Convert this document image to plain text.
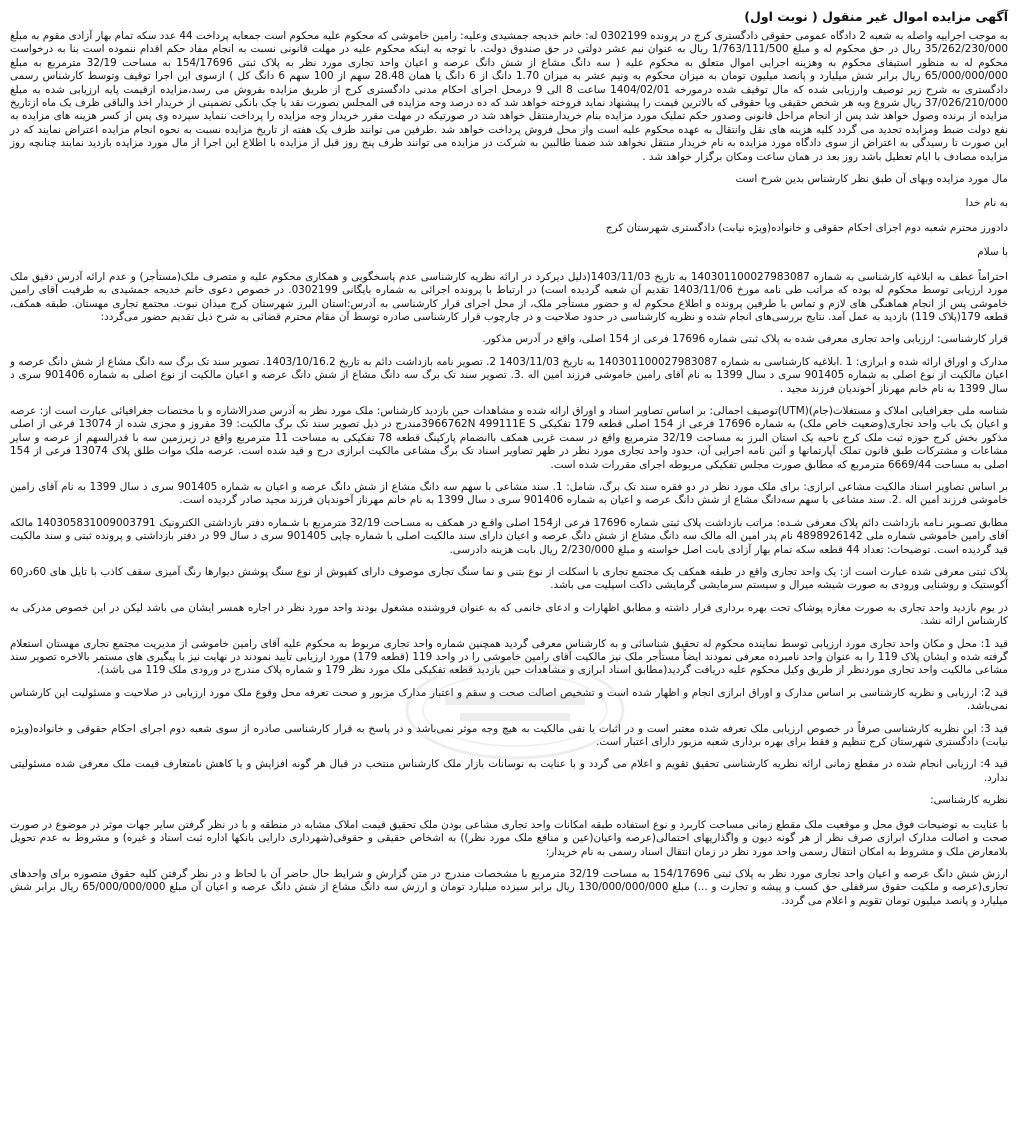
آگهی مزایده اموال غیر منقول ( نوبت اول)
به موجب اجراییه واصله به شعبه 2 دادگاه عمومی حقوقی دادگستری کرج در پرونده 0302199 له: خانم خدیجه جمشیدی وعلیه: رامین خاموشی که محکوم علیه محکوم است جمعابه پرداخت 44 عدد سکه تمام بهار آزادی مقوم به مبلغ 35/262/230/000 ریال در حق محکوم له و مبلغ 1/763/111/500 ریال به عنوان نیم عشر دولتی در حق صندوق دولت. با توجه به اینکه محکوم علیه در مهلت قانونی نسبت به انجام مفاد حکم اقدام ننموده است بنا به درخواست محکوم له به منظور استیفای محکوم به وهزینه اجرایی اموال متعلق به محکوم علیه ( سه دانگ مشاع از شش دانگ عرصه و اعیان واحد تجاری مورد نظر به پلاک ثبتی 154/17696 به مساحت 32/19 مترمربع به مبلغ 65/000/000/000 ریال برابر شش میلیارد و پانصد میلیون تومان به میزان محکوم به ونیم عشر به میزان 1.70 دانگ از 6 دانگ یا همان 28.48 سهم از 100 سهم 6 دانگ کل ) ازسوی این اجرا توقیف وتوسط کارشناس رسمی دادگستری به شرح زیر توصیف وارزیابی شده که مال توقیف شده درمورخه 1404/02/01 ساعت 8 الی 9 درمحل اجرای احکام مدنی دادگستری کرج از طریق مزایده بفروش می رسد،مزایده ازقیمت پایه ارزیابی شده به مبلغ 37/026/210/000 ریال شروع وبه هر شخص حقیقی ویا حقوقی که بالاترین قیمت را پیشنهاد نماید فروخته خواهد شد که ده درصد وجه مزایده فی المجلس بصورت نقد یا چک بانکی تضمینی از خریدار اخذ والباقی ظرف یک ماه ازتاریخ مزایده از برنده وصول خواهد شد پس از انجام مراحل قانونی وصدور حکم تملیک مورد مزایده بنام خریدارمنتقل خواهد شد در صورتیکه در مهلت مقرر خریدار وجه مزایده را پرداخت ننماید سپرده وی پس از کسر هزینه های مزایده به نفع دولت ضبط ومزایده تجدید می گردد کلیه هزینه های نقل وانتقال به عهده محکوم علیه است واز محل فروش پرداخت خواهد شد .طرفین می توانند ظرف یک هفته از تاریخ مزایده نسبت به نحوه انجام مزایده اعتراض نمایند که در این صورت تا رسیدگی به اعتراض از سوی دادگاه مورد مزایده به نام خریدار منتقل نخواهد شد ضمنا طالبین به شرکت در مزایده می توانند ظرف پنج روز قبل از مزایده با اطلاع این اجرا از مال مورد مزایده بازدید نمایند چنانچه روز مزایده مصادف با ایام تعطیل باشد روز بعد در همان ساعت ومکان برگزار خواهد شد .
مال مورد مزایده وبهای آن طبق نظر کارشناس بدین شرح است
به نام خدا
دادورز محترم شعبه دوم اجرای احکام حقوقی و خانواده(ویژه نیابت) دادگستری شهرستان کرج
با سلام
احتراماً عطف به ابلاغیه کارشناسی به شماره 140301100027983087 به تاریخ 1403/11/03(دلیل دیرکرد در ارائه نظریه کارشناسی عدم پاسخگویی و همکاری محکوم علیه و متصرف ملک(مستأجر) و عدم ارائه آدرس دقیق ملک مورد ارزیابی توسط محکوم له بوده که مراتب طی نامه مورخ 1403/11/06 تقدیم آن شعبه گردیده است) در ارتباط با پرونده اجرائی به شماره بایگانی 0302199. در خصوص دعوی خانم خدیجه جمشیدی به طرفیت آقای رامین خاموشی پس از انجام هماهنگی های لازم و تماس با طرفین پرونده و اطلاع محکوم له و حضور مستأجر ملک، از محل اجرای قرار کارشناسی به آدرس:استان البرز شهرستان کرج میدان نبوت. مجتمع تجاری مهستان. طبقه همکف، قطعه 179(پلاک 119) بازدید به عمل آمد. نتایج بررسی‌های انجام شده و نظریه کارشناسی در حدود صلاحیت و در چارچوب قرار کارشناسی صادره توسط آن مقام محترم قضائی به شرح ذیل تقدیم حضور می‌گردد:
قرار کارشناسی: ارزیابی واحد تجاری معرفی شده به پلاک ثبتی شماره 17696 فرعی از 154 اصلی، واقع در آدرس مذکور.
مدارک و اوراق ارائه شده و ابرازی: 1 .ابلاغیه کارشناسی به شماره 140301100027983087 به تاریخ 1403/11/03 2. تصویر نامه بازداشت دائم به تاریخ 1403/10/16.2. تصویر سند تک برگ سه دانگ مشاع از شش دانگ عرصه و اعیان مالکیت از نوع اصلی به شماره 901405 سری د سال 1399 به نام آقای رامین خاموشی فرزند امین اله .3. تصویر سند تک برگ سه دانگ مشاع از شش دانگ عرصه و اعیان مالکیت از نوع اصلی به شماره 901406 سری د سال 1399 به نام خانم مهرناز آخوندیان فرزند مجید .
شناسه ملی جغرافیایی املاک و مستغلات(جام)(UTM)توصیف اجمالی: بر اساس تصاویر اسناد و اوراق ارائه شده و مشاهدات حین بازدید کارشناس: ملک مورد نظر به آدرس صدرالاشاره و با مختصات جغرافیائی عبارت است از: عرصه و اعیان یک باب واحد تجاری(وضعیت خاص ملک) به شماره 17696 فرعی از 154 اصلی قطعه 179 تفکیکی 3966762N 499111E Sمندرج در ذیل تصویر سند تک برگ مالکیت: 39 مفروز و مجزی شده از 13074 فرعی از اصلی مذکور بخش کرج حوزه ثبت ملک کرج ناحیه یک استان البرز به مساحت 32/19 مترمربع واقع در سمت غربی همکف باانضمام پارکینگ قطعه 78 تفکیکی به مساحت 11 مترمربع واقع در زیرزمین سه با قدرالسهم از عرصه و سایر مشاعات و مشترکات طبق قانون تملک آپارتمانها و آئین نامه اجرایی آن، حدود واحد تجاری مورد نظر در ظهر تصاویر اسناد تک برگ مشاعی مالکیت ابرازی درج و قید شده است. عرصه ملک موات طلق پلاک 13074 فرعی از 154 اصلی به مساحت 6669/44 مترمربع که مطابق صورت مجلس تفکیکی مربوطه اجرای مقررات شده است.
بر اساس تصاویر اسناد مالکیت مشاعی ابرازی: برای ملک مورد نظر در دو فقره سند تک برگ، شامل: 1. سند مشاعی با سهم سه دانگ مشاع از شش دانگ عرصه و اعیان به شماره 901405 سری د سال 1399 به نام آقای رامین خاموشی فرزند امین اله .2. سند مشاعی با سهم سه‌دانگ مشاع از شش دانگ عرصه و اعیان به شماره 901406 سری د سال 1399 به نام خانم مهرناز آخوندیان فرزند مجید صادر گردیده است.
مطابق تصـویر نـامه بازداشت دائم پلاک معرفی شـده: مراتب بازداشت پلاک ثبتی شماره 17696 فرعی از154 اصلی واقـع در همکف به مسـاحت 32/19 مترمربع با شـماره دفتر بازداشتی الکترونیک 140305831009003791 مالکه آقای رامین خاموشی شماره ملی 4898926142 نام پدر امین اله مالک سه دانگ مشاع از شش دانگ عرصه و اعیان دارای سند مالکیت اصلی با شماره چاپی 901405 سری د سال 99 در دفتر بازداشتی و پرونده ثبتی و سند مالکیت قید گردیده است. توضیحات: تعداد 44 قطعه سکه تمام بهار آزادی بابت اصل خواسته و مبلغ 2/230/000 ریال بابت هزینه دادرسی.
پلاک ثبتی معرفی شده عبارت است از: یک واحد تجاری واقع در طبقه همکف یک مجتمع تجاری با اسکلت از نوع بتنی و نما سنگ تجاری موصوف دارای کفپوش از نوع سنگ پوشش دیوارها رنگ آمیزی سقف کاذب با تایل های 60در60 آکوستیک و روشنایی ورودی به صورت شیشه میرال و سیستم سرمایشی گرمایشی داکت اسپلیت می باشد.
در یوم بازدید واحد تجاری به صورت مغازه پوشاک تحت بهره برداری قرار داشته و مطابق اظهارات و ادعای خانمی که به عنوان فروشنده مشغول بودند واحد مورد نظر در اجاره همسر ایشان می باشد لیکن در این خصوص مدرکی به کارشناس ارائه نشد.
قید 1: محل و مکان واحد تجاری مورد ارزیابی توسط نماینده محکوم له تحقیق شناسائی و به کارشناس معرفی گردید همچنین شماره واحد تجاری مربوط به محکوم علیه آقای رامین خاموشی از مدیریت مجتمع تجاری مهستان استعلام گرفته شده و ایشان پلاک 119 را به عنوان واحد نامبرده معرفی نمودند ایضاً مستأجر ملک نیز مالکیت آقای رامین خاموشی را در واحد 119 (قطعه 179) مورد ارزیابی تأیید نمودند در نهایت نیز با پیگیری های مستمر بالاخره تصویر سند مشاعی مالکیت واحد تجاری موردنظر از طریق وکیل محکوم علیه دریافت گردید(مطابق اسناد ابرازی و مشاهدات حین بازدید قطعه تفکیکی ملک مورد نظر 179 و شماره پلاک مندرج در ورودی ملک 119 می باشد).
قید 2: ارزیابی و نظریه کارشناسی بر اساس مدارک و اوراق ابرازی انجام و اظهار شده است و تشخیص اصالت صحت و سقم و اعتبار مدارک مزبور و صحت تعرفه محل وقوع ملک مورد ارزیابی در صلاحیت و مسئولیت این کارشناس نمی‌باشد.
قید 3: این نظریه کارشناسی صرفاً در خصوص ارزیابی ملک تعرفه شده معتبر است و در اثبات یا نفی مالکیت به هیچ وجه موثر نمی‌باشد و در پاسخ به قرار کارشناسی صادره از سوی شعبه دوم اجرای احکام حقوقی و خانواده(ویژه نیابت) دادگستری شهرستان کرج تنظیم و فقط برای بهره برداری شعبه مزبور دارای اعتبار است.
قید 4: ارزیابی انجام شده در مقطع زمانی ارائه نظریه کارشناسی تحقیق تقویم و اعلام می گردد و با عنایت به نوسانات بازار ملک کارشناس منتخب در قبال هر گونه افزایش و یا کاهش نامتعارف قیمت ملک معرفی شده مسئولیتی ندارد.
نظریه کارشناسی:
با عنایت به توضیحات فوق محل و موقعیت ملک مقطع زمانی مساحت کاربرد و نوع استفاده طبقه امکانات واحد تجاری مشاعی بودن ملک تحقیق قیمت املاک مشابه در منطقه و با در نظر گرفتن سایر جهات موثر در موضوع در صورت صحت و اصالت مدارک ابرازی صرف نظر از هر گونه دیون و واگذاریهای احتمالی(عرصه واعیان(عین و منافع ملک مورد نظر)) به اشخاص حقیقی و حقوقی(شهرداری دارایی بانکها اداره ثبت اسناد و غیره) و مشروط به عدم تحویل بلامعارض ملک و مشروط به امکان انتقال رسمی واحد مورد نظر در زمان انتقال اسناد رسمی به نام خریدار:
ارزش شش دانگ عرصه و اعیان واحد تجاری مورد نظر به پلاک ثبتی 154/17696 به مساحت 32/19 مترمربع با مشخصات مندرج در متن گزارش و شرایط حال حاضر آن با لحاظ و در نظر گرفتن کلیه حقوق متصوره برای واحدهای تجاری(عرصه و ملکیت حقوق سرقفلی حق کسب و پیشه و تجارت و ...) مبلغ 130/000/000/000 ریال برابر سیزده میلیارد تومان و ارزش سه دانگ مشاع از شش دانگ عرصه و اعیان آن مبلغ 65/000/000/000 ریال برابر شش میلیارد و پانصد میلیون تومان تقویم و اعلام می گردد.
